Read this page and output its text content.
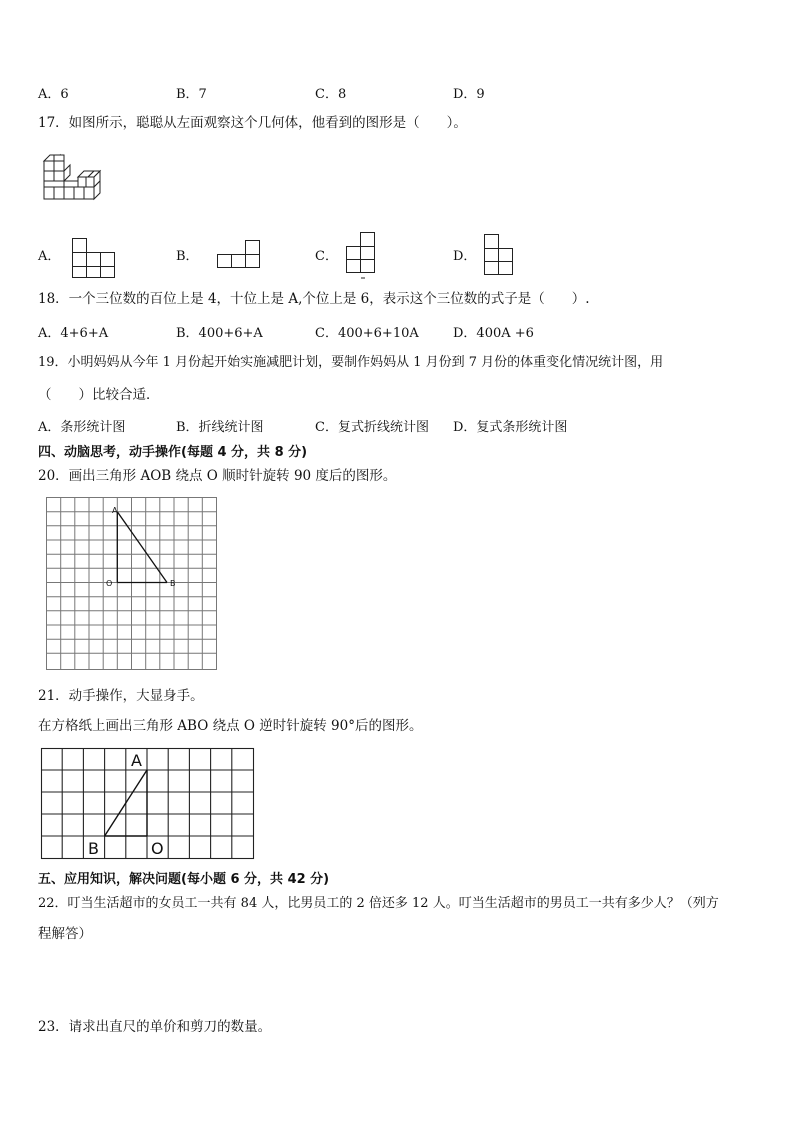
A．6	B．7	C．8	D．9
17．如图所示，聪聪从左面观察这个几何体，他看到的图形是（　　）。
A．	B．	C．	D．
18．一个三位数的百位上是 4，十位上是 A,个位上是 6，表示这个三位数的式子是（　　）.
A．4+6+A	B．400+6+A	C．400+6+10A	D．400A +6
19．小明妈妈从今年 1 月份起开始实施减肥计划，要制作妈妈从 1 月份到 7 月份的体重变化情况统计图，用
（　　）比较合适．
A．条形统计图	B．折线统计图	C．复式折线统计图 D．复式条形统计图
四、动脑思考，动手操作(每题 4 分，共 8 分)
20．画出三角形 AOB 绕点 O 顺时针旋转 90 度后的图形。
A
O	B
21．动手操作，大显身手。
在方格纸上画出三角形 ABO 绕点 O 逆时针旋转 90°后的图形。
A
B	O
五、应用知识，解决问题(每小题 6 分，共 42 分)
22．叮当生活超市的女员工一共有 84 人，比男员工的 2 倍还多 12 人。叮当生活超市的男员工一共有多少人？（列方
程解答）
23．请求出直尺的单价和剪刀的数量。
